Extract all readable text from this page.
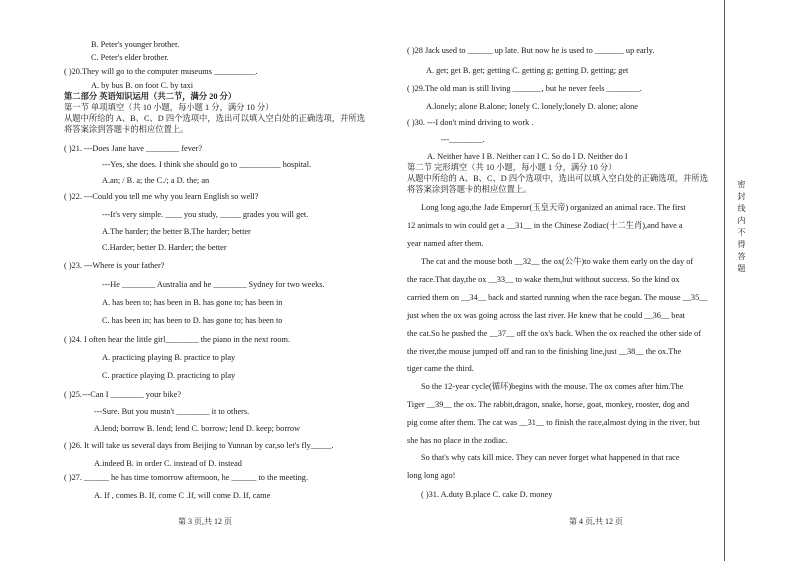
B. Peter's younger brother.
C. Peter's elder brother.
( )20.They will go to the computer museums __________.
A. by bus B. on foot C. by taxi
第二部分 英语知识运用（共二节，满分 20 分）
第一节 单项填空（共 10 小题，每小题 1 分，满分 10 分）
从题中所给的 A、B、C、D 四个选项中，选出可以填入空白处的正确选项，并所选
将答案涂到答题卡的相应位置上。
( )21. ---Does Jane have ________ fever?
---Yes, she does. I think she should go to __________ hospital.
A.an; / B. a; the C./; a D. the; an
( )22. ---Could you tell me why you learn English so well?
---It's very simple. ____ you study, _____ grades you will get.
A.The harder; the better B.The harder; better
C.Harder; better D. Harder; the better
( )23. ---Where is your father?
---He ________ Australia and he ________ Sydney for two weeks.
A. has been to; has been in B. has gone to; has been in
C. has been in; has been to D. has gone to; has been to
( )24. I often hear the little girl________ the piano in the next room.
A. practicing playing B. practice to play
C. practice playing D. practicing to play
( )25.---Can I ________ your bike?
---Sure. But you mustn't ________ it to others.
A.lend; borrow B. lend; lend C. borrow; lend D. keep; borrow
( )26. It will take us several days from Beijing to Yunnan by car,so let's fly_____.
A.indeed B. in order C. instead of D. instead
( )27. ______ he has time tomorrow afternoon, he ______ to the meeting.
A. If , comes B. If, come C .If, will come D. If, came
第 3 页,共 12 页
( )28 Jack used to ______ up late. But now he is used to _______ up early.
A. get; get B. get; getting C. getting g; getting D. getting; get
( )29.The old man is still living _______, but he never feels ________.
A.lonely; alone B.alone; lonely C. lonely;lonely D. alone; alone
( )30. ---I don't mind driving to work .
---________.
A. Neither have I B. Neither can I C. So do I D. Neither do I
第二节 完形填空（共 10 小题，每小题 1 分，满分 10 分）
从题中所给的 A、B、C、D 四个选项中，选出可以填入空白处的正确选项，并所选
将答案涂到答题卡的相应位置上。
Long long ago,the Jade Emperor(玉皇天帝) organized an animal race. The first
12 animals to win could get a __31__ in the Chinese Zodiac(十二生肖),and have a
year named after them.
The cat and the mouse both __32__ the ox(公牛)to wake them early on the day of
the race.That day,the ox __33__ to wake them,but without success. So the kind ox
carried them on __34__ back and started running when the race began. The mouse __35__
just when the ox was going across the last river. He knew that he could __36__ beat
the cat.So he pushed the __37__ off the ox's back. When the ox reached the other side of
the river,the mouse jumped off and ran to the finishing line,just __38__ the ox.The
tiger came the third.
So the 12-year cycle(循环)begins with the mouse. The ox comes after him.The
Tiger __39__ the ox. The rabbit,dragon, snake, horse, goat, monkey, rooster, dog and
pig come after them. The cat was __31__ to finish the race,almost dying in the river, but
she has no place in the zodiac.
So that's why cats kill mice. They can never forget what happened in that race
long long ago!
( )31. A.duty B.place C. cake D. money
第 4 页,共 12 页
密 封 线 内 不 得 答 题
